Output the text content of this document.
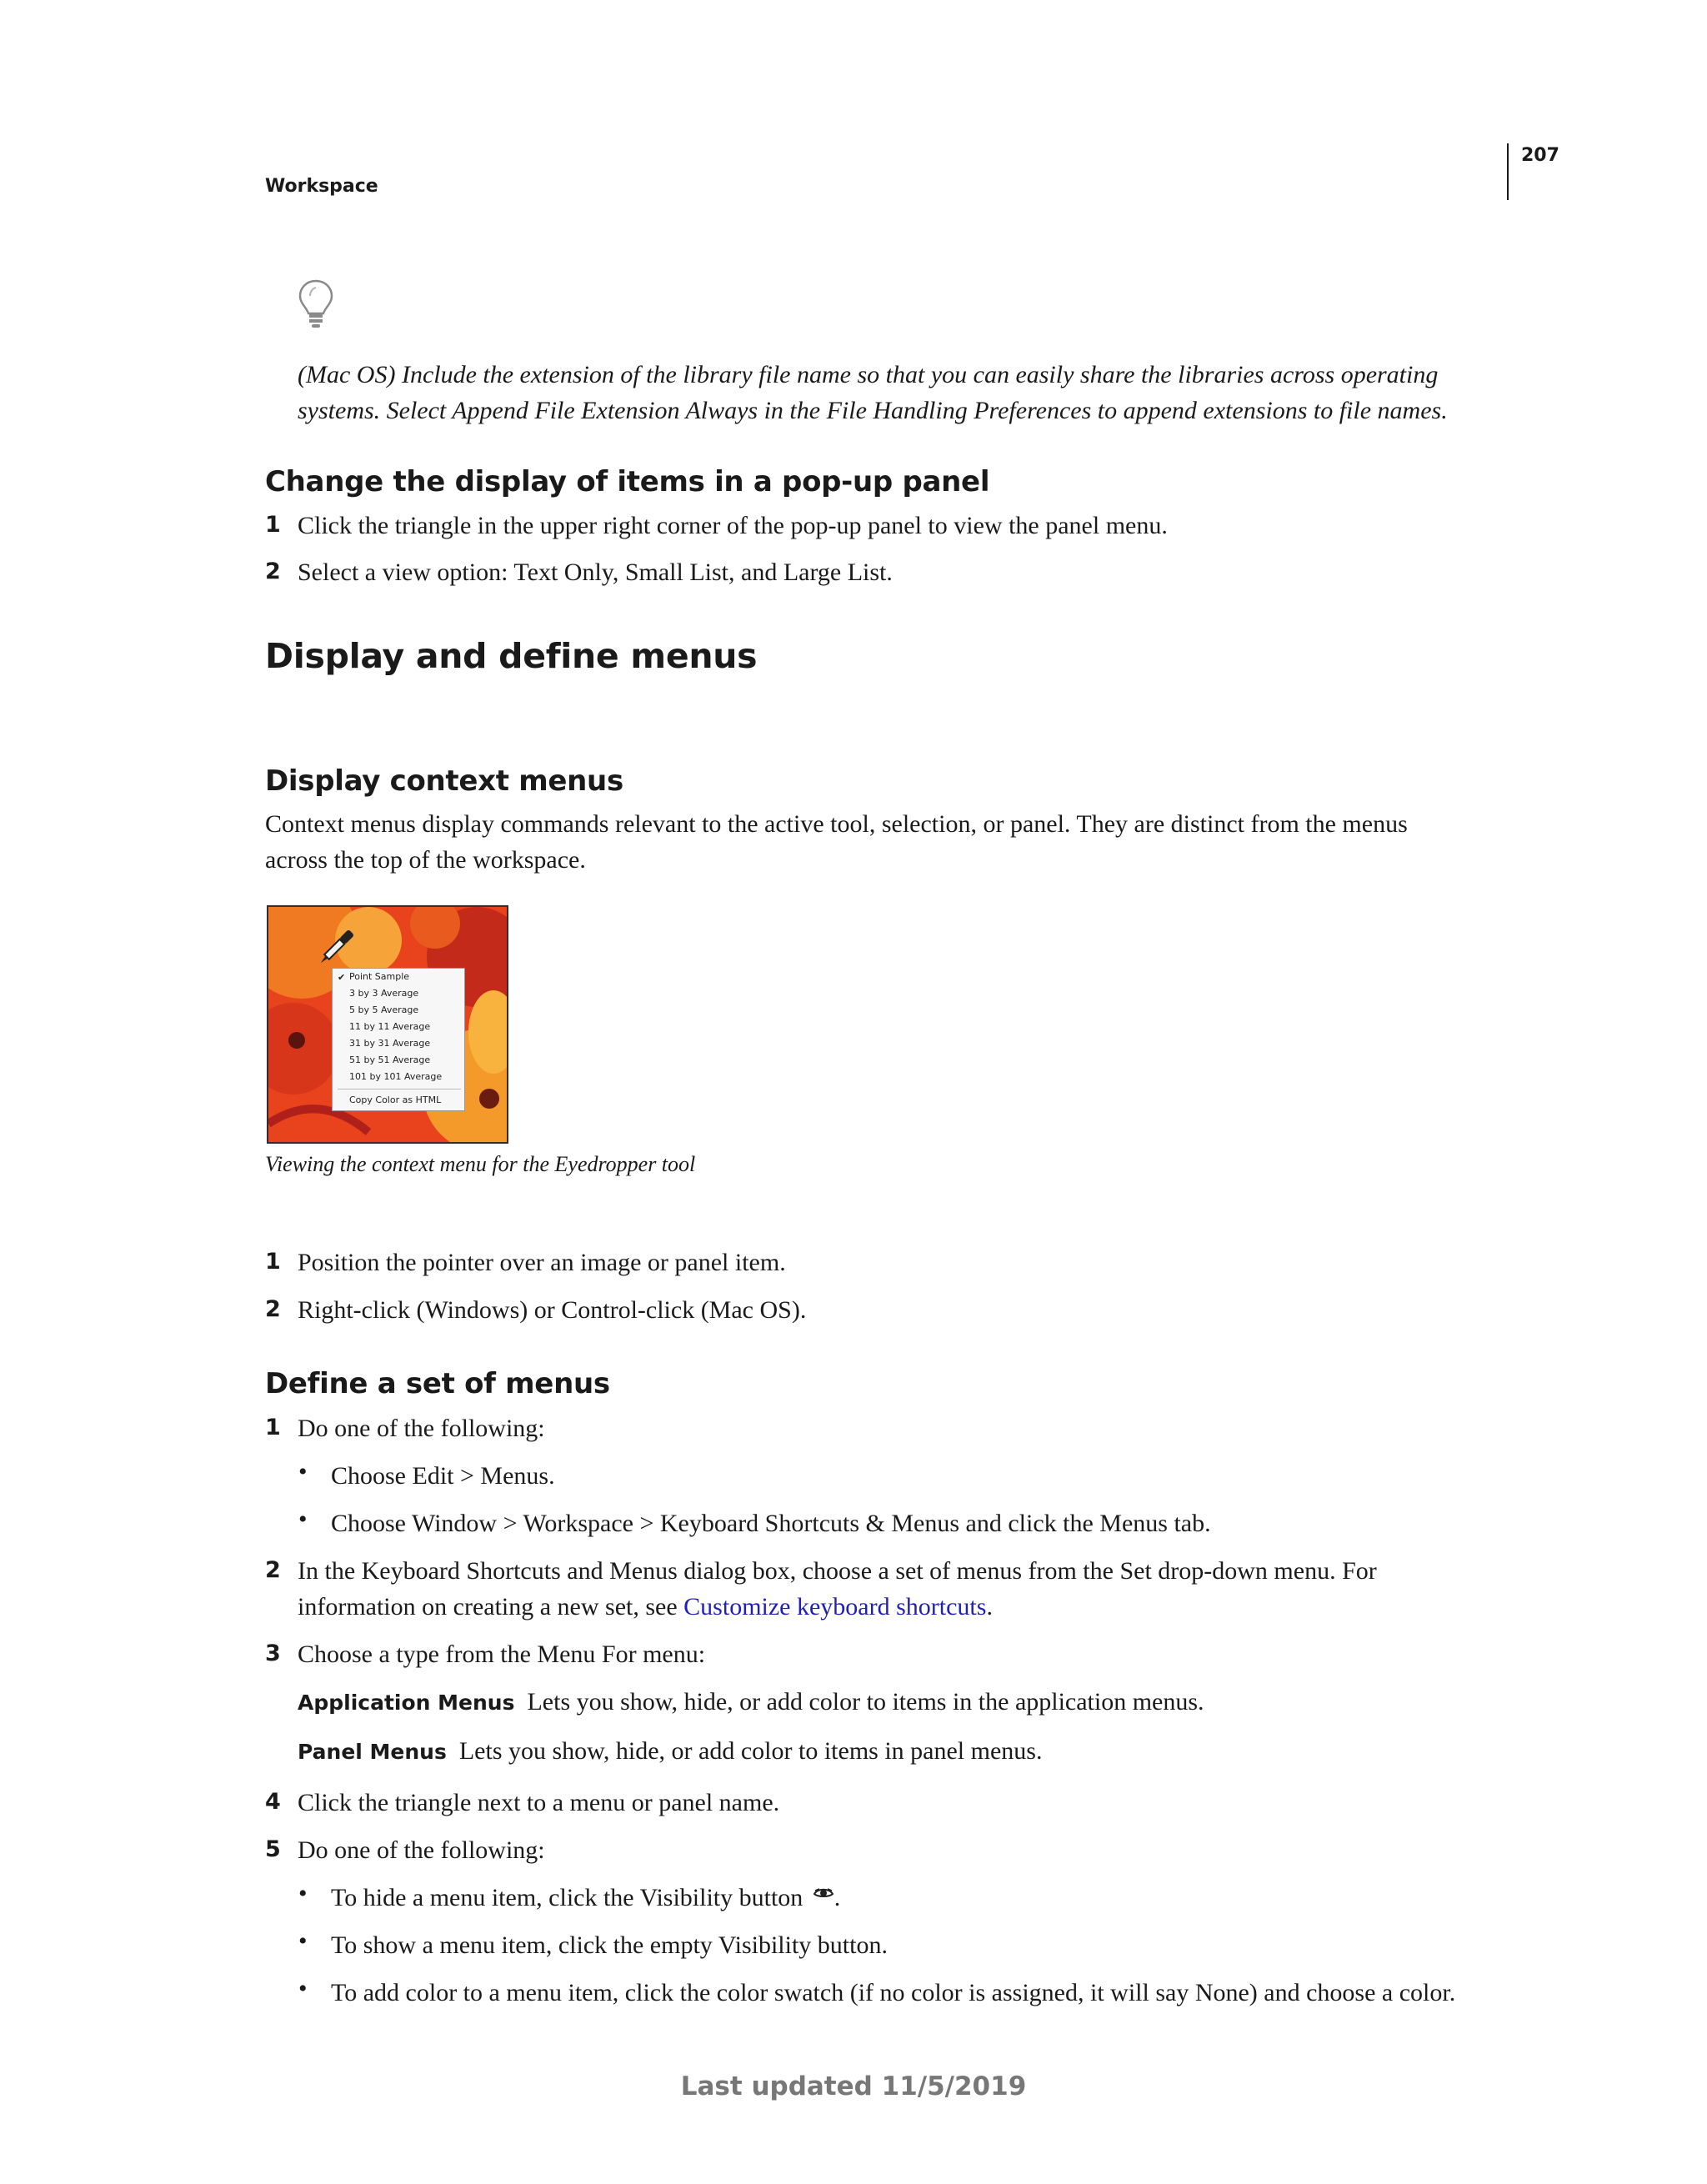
207
Workspace
(Mac OS) Include the extension of the library file name so that you can easily share the libraries across operating
systems. Select Append File Extension Always in the File Handling Preferences to append extensions to file names.
Change the display of items in a pop-up panel
1 Click the triangle in the upper right corner of the pop-up panel to view the panel menu.
2 Select a view option: Text Only, Small List, and Large List.
Display and define menus
Display context menus
Context menus display commands relevant to the active tool, selection, or panel. They are distinct from the menus
across the top of the workspace.
✔ Point Sample
3 by 3 Average
5 by 5 Average
11 by 11 Average
31 by 31 Average
51 by 51 Average
101 by 101 Average
Copy Color as HTML
Viewing the context menu for the Eyedropper tool
1 Position the pointer over an image or panel item.
2 Right-click (Windows) or Control-click (Mac OS).
Define a set of menus
1 Do one of the following:
• Choose Edit > Menus.
• Choose Window > Workspace > Keyboard Shortcuts & Menus and click the Menus tab.
2 In the Keyboard Shortcuts and Menus dialog box, choose a set of menus from the Set drop-down menu. For
information on creating a new set, see Customize keyboard shortcuts.
3 Choose a type from the Menu For menu:
Application Menus Lets you show, hide, or add color to items in the application menus.
Panel Menus Lets you show, hide, or add color to items in panel menus.
4 Click the triangle next to a menu or panel name.
5 Do one of the following:
• To hide a menu item, click the Visibility button .
• To show a menu item, click the empty Visibility button.
• To add color to a menu item, click the color swatch (if no color is assigned, it will say None) and choose a color.
Last updated 11/5/2019
